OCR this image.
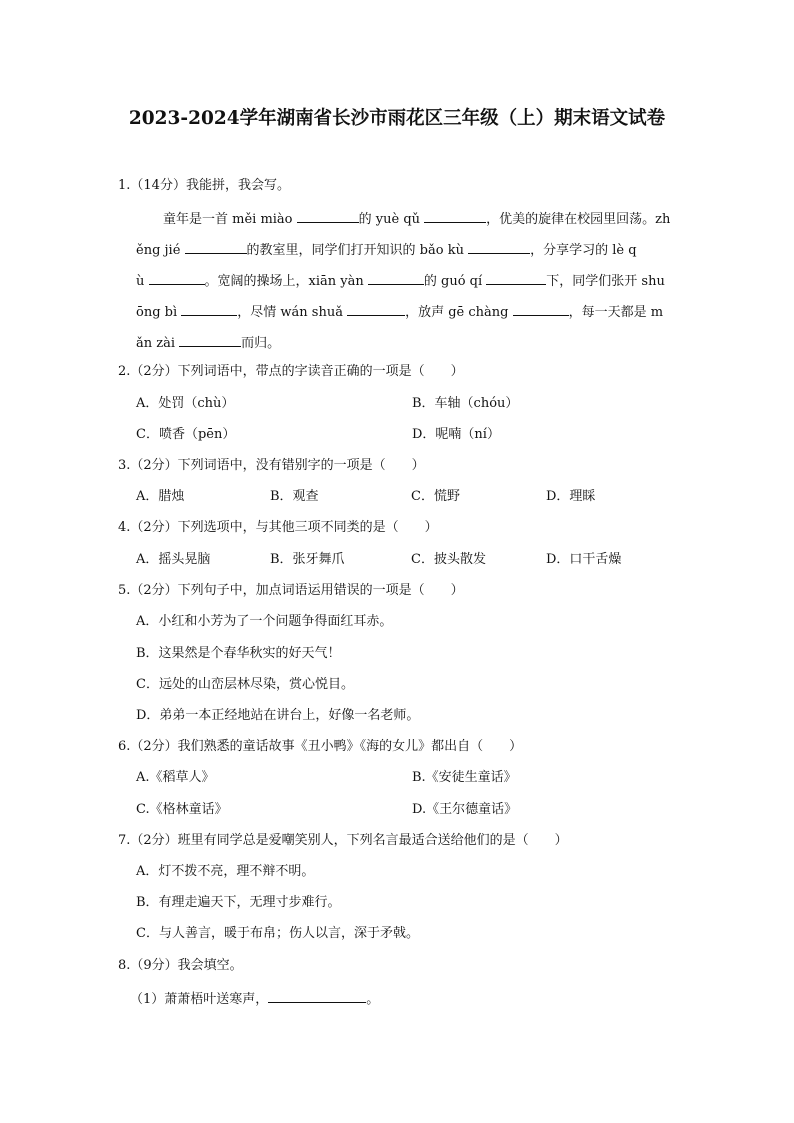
2023-2024学年湖南省长沙市雨花区三年级（上）期末语文试卷
1.（14分）我能拼，我会写。
童年是一首 měi miào	的 yuè qǔ	，优美的旋律在校园里回荡。zh
ěng jié	的教室里，同学们打开知识的 bǎo kù	，分享学习的 lè q
ù	。宽阔的操场上，xiān yàn	的 guó qí	下，同学们张开 shu
ōng bì	，尽情 wán shuǎ	，放声 gē chàng	，每一天都是 m
ǎn zài	而归。
2.（2分）下列词语中，带点的字读音正确的一项是（　　）
A．处罚（chù）	B．车轴（chóu）
C．喷香（pēn）	D．呢喃（ní）
3.（2分）下列词语中，没有错别字的一项是（　　）
A．腊烛	B．观查	C．慌野	D．理睬
4.（2分）下列选项中，与其他三项不同类的是（　　）
A．摇头晃脑	B．张牙舞爪	C．披头散发	D．口干舌燥
5.（2分）下列句子中，加点词语运用错误的一项是（　　）
A．小红和小芳为了一个问题争得面红耳赤。
B．这果然是个春华秋实的好天气！
C．远处的山峦层林尽染，赏心悦目。
D．弟弟一本正经地站在讲台上，好像一名老师。
6.（2分）我们熟悉的童话故事《丑小鸭》《海的女儿》都出自（　　）
A.《稻草人》	B.《安徒生童话》
C.《格林童话》	D.《王尔德童话》
7.（2分）班里有同学总是爱嘲笑别人，下列名言最适合送给他们的是（　　）
A．灯不拨不亮，理不辩不明。
B．有理走遍天下，无理寸步难行。
C．与人善言，暖于布帛；伤人以言，深于矛戟。
8.（9分）我会填空。
（1）萧萧梧叶送寒声，	。
